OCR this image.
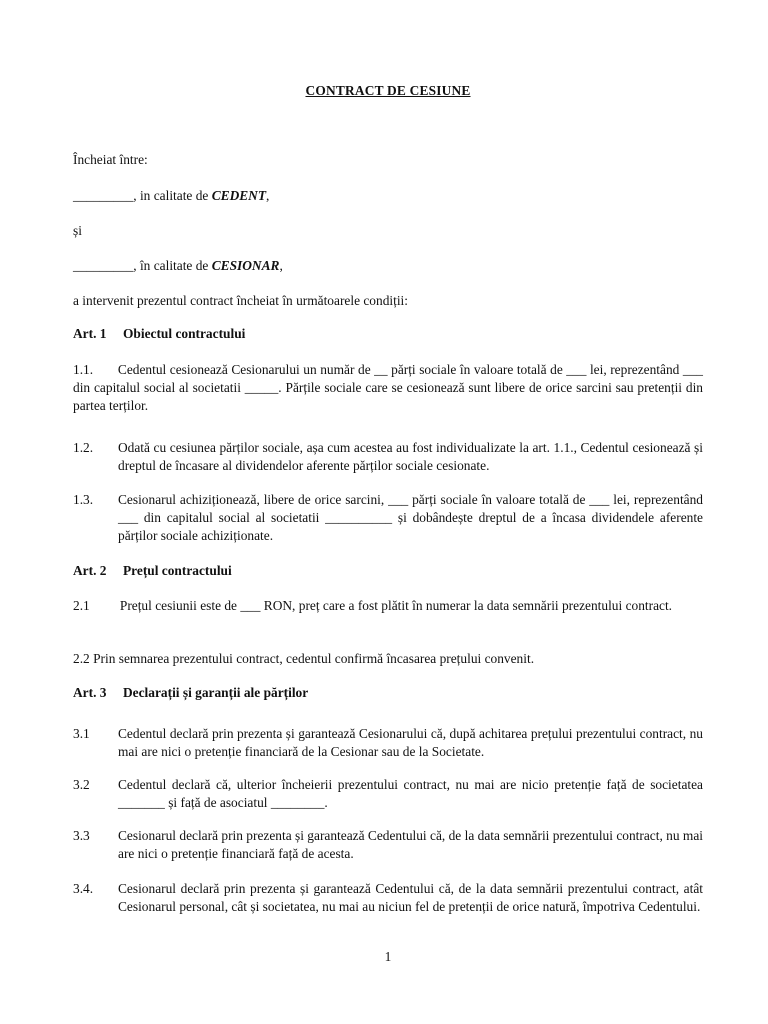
CONTRACT DE CESIUNE
Încheiat între:
_________, in calitate de CEDENT,
și
_________, în calitate de CESIONAR,
a intervenit prezentul contract încheiat în următoarele condiții:
Art. 1 Obiectul contractului
1.1.       Cedentul cesionează Cesionarului un număr de __ părți sociale în valoare totală de ___ lei, reprezentând ___ din capitalul social al societatii _____. Părțile sociale care se cesionează sunt libere de orice sarcini sau pretenții din partea terților.
1.2.	Odată cu cesiunea părților sociale, așa cum acestea au fost individualizate la art. 1.1., Cedentul cesionează și dreptul de încasare al dividendelor aferente părților sociale cesionate.
1.3.	Cesionarul achiziționează, libere de orice sarcini, ___ părți sociale în valoare totală de ___ lei, reprezentând ___ din capitalul social al societatii __________ și dobândește dreptul de a încasa dividendele aferente părților sociale achiziționate.
Art. 2 Prețul contractului
2.1         Prețul cesiunii este de ___ RON, preț care a fost plătit în numerar la data semnării prezentului contract.
2.2 Prin semnarea prezentului contract, cedentul confirmă încasarea prețului convenit.
Art. 3 Declarații și garanții ale părților
3.1	Cedentul declară prin prezenta și garantează Cesionarului că, după achitarea prețului prezentului contract, nu mai are nici o pretenție financiară de la Cesionar sau de la Societate.
3.2	Cedentul declară că, ulterior încheierii prezentului contract, nu mai are nicio pretenție față de societatea _______ și față de asociatul ________.
3.3	Cesionarul declară prin prezenta și garantează Cedentului că, de la data semnării prezentului contract, nu mai are nici o pretenție financiară față de acesta.
3.4.	Cesionarul declară prin prezenta și garantează Cedentului că, de la data semnării prezentului contract, atât Cesionarul personal, cât și societatea, nu mai au niciun fel de pretenții de orice natură, împotriva Cedentului.
1
